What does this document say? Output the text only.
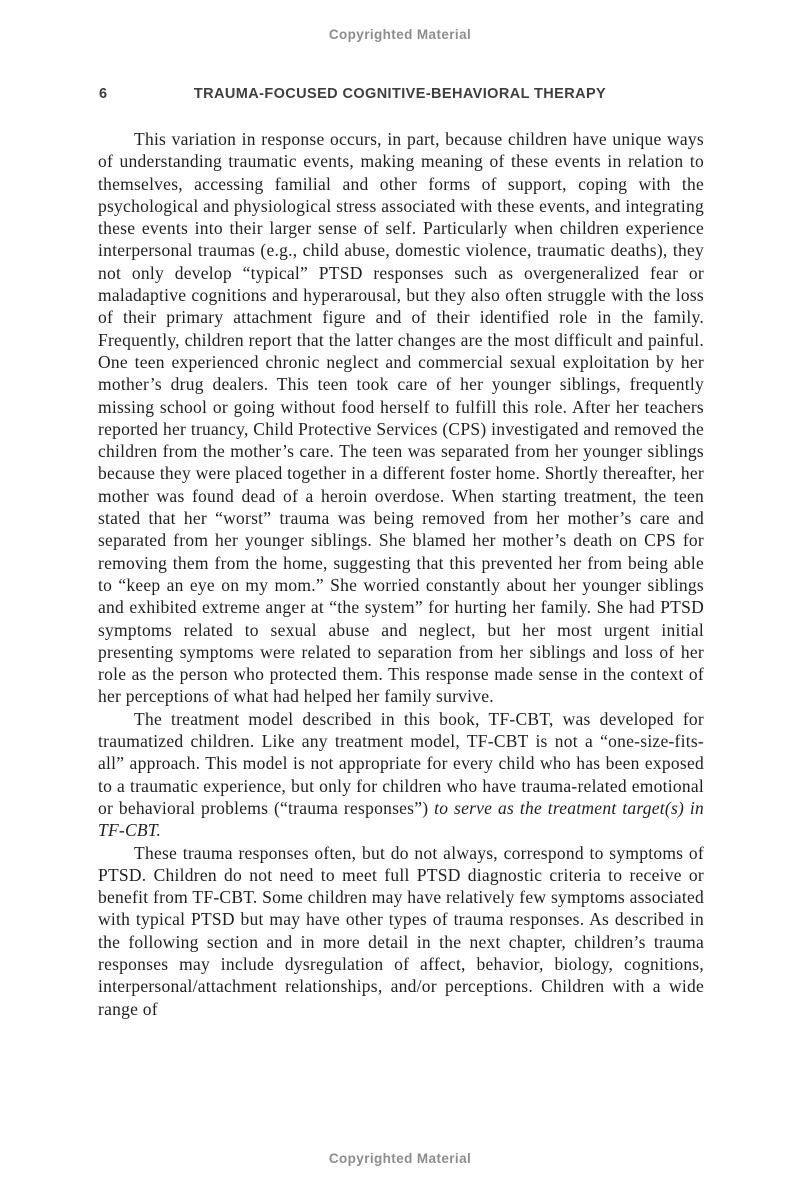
Copyrighted Material
6	TRAUMA-FOCUSED COGNITIVE-BEHAVIORAL THERAPY

This variation in response occurs, in part, because children have unique ways of understanding traumatic events, making meaning of these events in relation to themselves, accessing familial and other forms of support, coping with the psychological and physiological stress associated with these events, and integrating these events into their larger sense of self. Particularly when children experience interpersonal traumas (e.g., child abuse, domestic violence, traumatic deaths), they not only develop “typical” PTSD responses such as overgeneralized fear or maladaptive cognitions and hyperarousal, but they also often struggle with the loss of their primary attachment figure and of their identified role in the family. Frequently, children report that the latter changes are the most difficult and painful. One teen experienced chronic neglect and commercial sexual exploitation by her mother’s drug dealers. This teen took care of her younger siblings, frequently missing school or going without food herself to fulfill this role. After her teachers reported her truancy, Child Protective Services (CPS) investigated and removed the children from the mother’s care. The teen was separated from her younger siblings because they were placed together in a different foster home. Shortly thereafter, her mother was found dead of a heroin overdose. When starting treatment, the teen stated that her “worst” trauma was being removed from her mother’s care and separated from her younger siblings. She blamed her mother’s death on CPS for removing them from the home, suggesting that this prevented her from being able to “keep an eye on my mom.” She worried constantly about her younger siblings and exhibited extreme anger at “the system” for hurting her family. She had PTSD symptoms related to sexual abuse and neglect, but her most urgent initial presenting symptoms were related to separation from her siblings and loss of her role as the person who protected them. This response made sense in the context of her perceptions of what had helped her family survive.

The treatment model described in this book, TF-CBT, was developed for traumatized children. Like any treatment model, TF-CBT is not a “one-size-fits-all” approach. This model is not appropriate for every child who has been exposed to a traumatic experience, but only for children who have trauma-related emotional or behavioral problems (“trauma responses”) to serve as the treatment target(s) in TF-CBT.

These trauma responses often, but do not always, correspond to symptoms of PTSD. Children do not need to meet full PTSD diagnostic criteria to receive or benefit from TF-CBT. Some children may have relatively few symptoms associated with typical PTSD but may have other types of trauma responses. As described in the following section and in more detail in the next chapter, children’s trauma responses may include dysregulation of affect, behavior, biology, cognitions, interpersonal/attachment relationships, and/or perceptions. Children with a wide range of

Copyrighted Material
